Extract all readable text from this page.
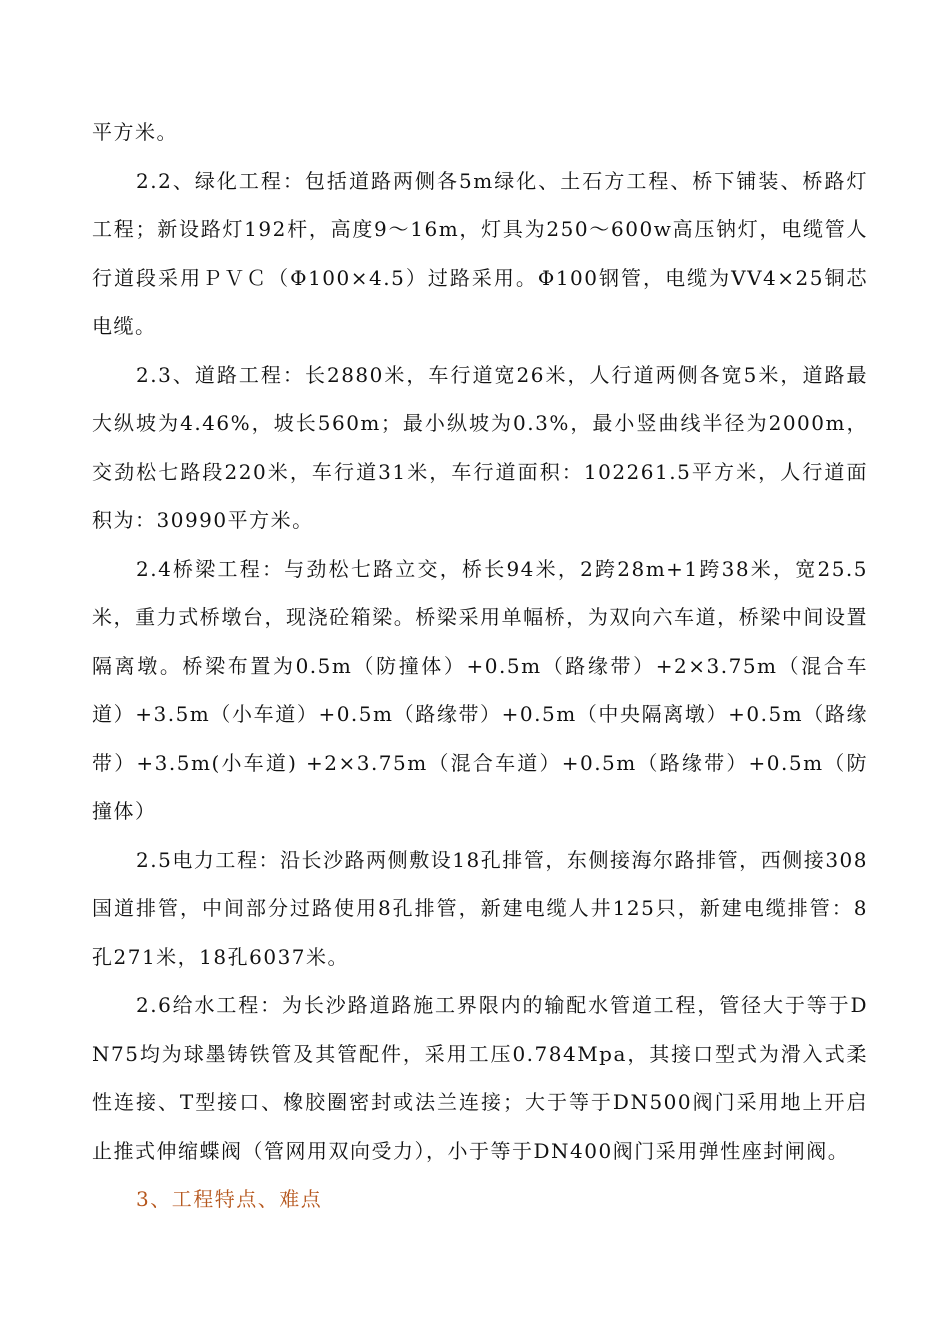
平方米。

2.2、绿化工程：包括道路两侧各5m绿化、土石方工程、桥下铺装、桥路灯工程；新设路灯192杆，高度9～16m，灯具为250～600w高压钠灯，电缆管人行道段采用ＰＶＣ（Φ100×4.5）过路采用。Φ100钢管，电缆为VV4×25铜芯电缆。

2.3、道路工程：长2880米，车行道宽26米，人行道两侧各宽5米，道路最大纵坡为4.46%，坡长560m；最小纵坡为0.3%，最小竖曲线半径为2000m，交劲松七路段220米，车行道31米，车行道面积：102261.5平方米，人行道面积为：30990平方米。

2.4桥梁工程：与劲松七路立交，桥长94米，2跨28m+1跨38米，宽25.5米，重力式桥墩台，现浇砼箱梁。桥梁采用单幅桥，为双向六车道，桥梁中间设置隔离墩。桥梁布置为0.5m（防撞体）+0.5m（路缘带）+2×3.75m（混合车道）+3.5m（小车道）+0.5m（路缘带）+0.5m（中央隔离墩）+0.5m（路缘带）+3.5m(小车道) +2×3.75m（混合车道）+0.5m（路缘带）+0.5m（防撞体）

2.5电力工程：沿长沙路两侧敷设18孔排管，东侧接海尔路排管，西侧接308国道排管，中间部分过路使用8孔排管，新建电缆人井125只，新建电缆排管：8孔271米，18孔6037米。

2.6给水工程：为长沙路道路施工界限内的输配水管道工程，管径大于等于DN75均为球墨铸铁管及其管配件，采用工压0.784Mpa，其接口型式为滑入式柔性连接、T型接口、橡胶圈密封或法兰连接；大于等于DN500阀门采用地上开启止推式伸缩蝶阀（管网用双向受力），小于等于DN400阀门采用弹性座封闸阀。

3、工程特点、难点
